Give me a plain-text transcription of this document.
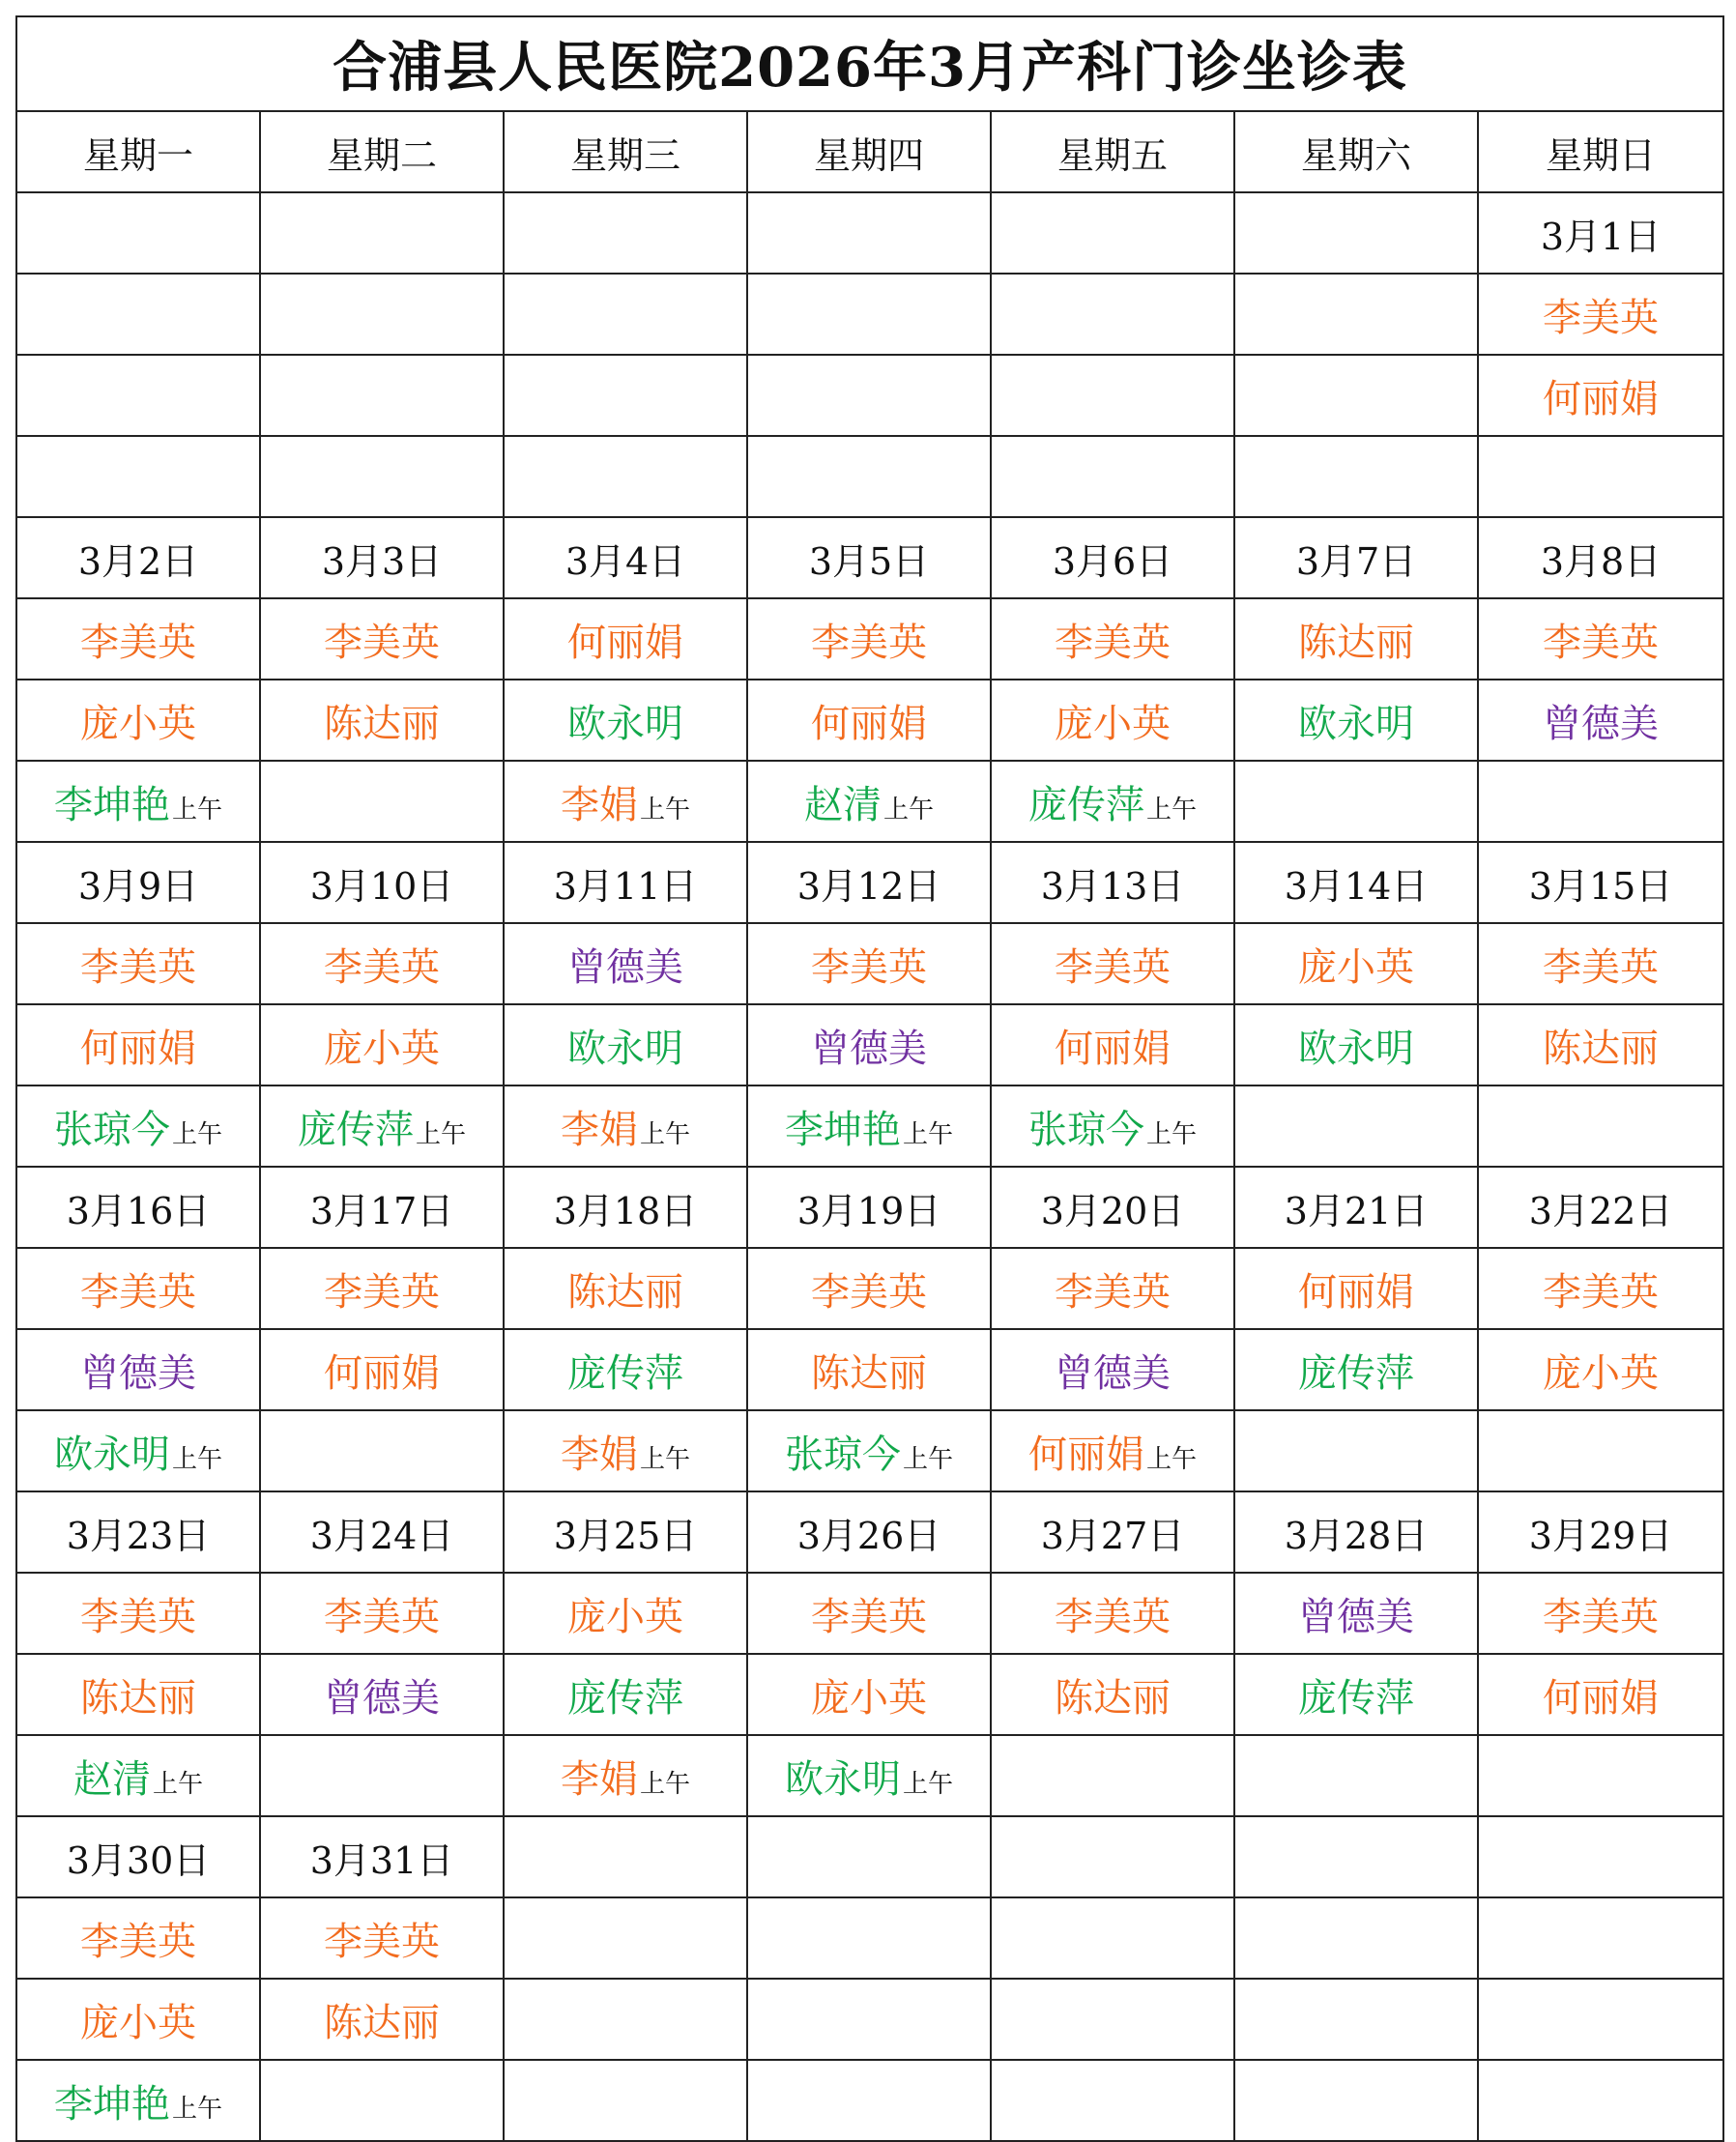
合浦县人民医院2026年3月产科门诊坐诊表						
星期一	星期二	星期三	星期四	星期五	星期六	星期日
						3月1日
						李美英
						何丽娟

3月2日	3月3日	3月4日	3月5日	3月6日	3月7日	3月8日
李美英	李美英	何丽娟	李美英	李美英	陈达丽	李美英
庞小英	陈达丽	欧永明	何丽娟	庞小英	欧永明	曾德美
李坤艳上午		李娟上午	赵清上午	庞传萍上午		
3月9日	3月10日	3月11日	3月12日	3月13日	3月14日	3月15日
李美英	李美英	曾德美	李美英	李美英	庞小英	李美英
何丽娟	庞小英	欧永明	曾德美	何丽娟	欧永明	陈达丽
张琼今上午	庞传萍上午	李娟上午	李坤艳上午	张琼今上午		
3月16日	3月17日	3月18日	3月19日	3月20日	3月21日	3月22日
李美英	李美英	陈达丽	李美英	李美英	何丽娟	李美英
曾德美	何丽娟	庞传萍	陈达丽	曾德美	庞传萍	庞小英
欧永明上午		李娟上午	张琼今上午	何丽娟上午		
3月23日	3月24日	3月25日	3月26日	3月27日	3月28日	3月29日
李美英	李美英	庞小英	李美英	李美英	曾德美	李美英
陈达丽	曾德美	庞传萍	庞小英	陈达丽	庞传萍	何丽娟
赵清上午		李娟上午	欧永明上午			
3月30日	3月31日					
李美英	李美英					
庞小英	陈达丽					
李坤艳上午						
